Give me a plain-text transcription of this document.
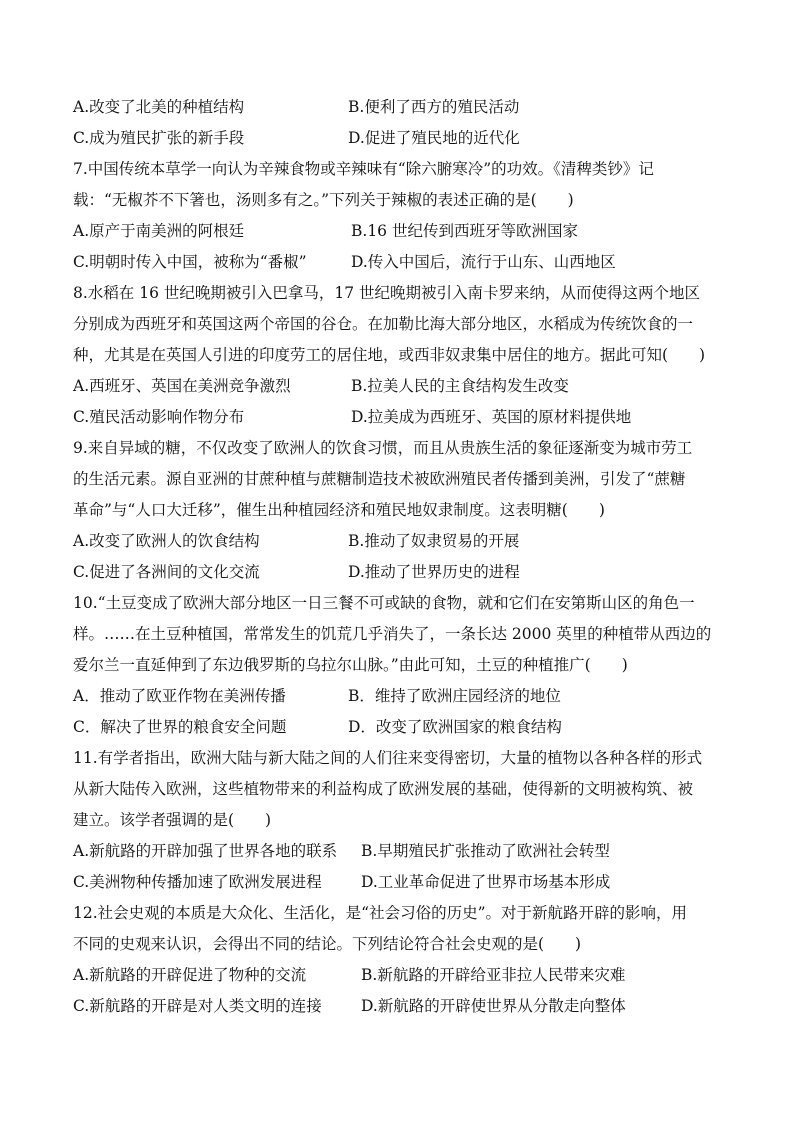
A.改变了北美的种植结构	B.便利了西方的殖民活动
C.成为殖民扩张的新手段	D.促进了殖民地的近代化
7.中国传统本草学一向认为辛辣食物或辛辣味有“除六腑寒冷”的功效。《清稗类钞》记
载：“无椒芥不下箸也，汤则多有之。”下列关于辣椒的表述正确的是(　　)
A.原产于南美洲的阿根廷	B.16 世纪传到西班牙等欧洲国家
C.明朝时传入中国，被称为“番椒”	D.传入中国后，流行于山东、山西地区
8.水稻在 16 世纪晚期被引入巴拿马，17 世纪晚期被引入南卡罗来纳，从而使得这两个地区
分别成为西班牙和英国这两个帝国的谷仓。在加勒比海大部分地区，水稻成为传统饮食的一
种，尤其是在英国人引进的印度劳工的居住地，或西非奴隶集中居住的地方。据此可知(　　)
A.西班牙、英国在美洲竞争激烈	B.拉美人民的主食结构发生改变
C.殖民活动影响作物分布	D.拉美成为西班牙、英国的原材料提供地
9.来自异域的糖，不仅改变了欧洲人的饮食习惯，而且从贵族生活的象征逐渐变为城市劳工
的生活元素。源自亚洲的甘蔗种植与蔗糖制造技术被欧洲殖民者传播到美洲，引发了“蔗糖
革命”与“人口大迁移”，催生出种植园经济和殖民地奴隶制度。这表明糖(　　)
A.改变了欧洲人的饮食结构	B.推动了奴隶贸易的开展
C.促进了各洲间的文化交流	D.推动了世界历史的进程
10.“土豆变成了欧洲大部分地区一日三餐不可或缺的食物，就和它们在安第斯山区的角色一
样。……在土豆种植国，常常发生的饥荒几乎消失了，一条长达 2000 英里的种植带从西边的
爱尔兰一直延伸到了东边俄罗斯的乌拉尔山脉。”由此可知，土豆的种植推广(　　)
A．推动了欧亚作物在美洲传播	B．维持了欧洲庄园经济的地位
C．解决了世界的粮食安全问题	D．改变了欧洲国家的粮食结构
11.有学者指出，欧洲大陆与新大陆之间的人们往来变得密切，大量的植物以各种各样的形式
从新大陆传入欧洲，这些植物带来的利益构成了欧洲发展的基础，使得新的文明被构筑、被
建立。该学者强调的是(　　)
A.新航路的开辟加强了世界各地的联系	B.早期殖民扩张推动了欧洲社会转型
C.美洲物种传播加速了欧洲发展进程	D.工业革命促进了世界市场基本形成
12.社会史观的本质是大众化、生活化，是“社会习俗的历史”。对于新航路开辟的影响，用
不同的史观来认识，会得出不同的结论。下列结论符合社会史观的是(　　)
A.新航路的开辟促进了物种的交流	B.新航路的开辟给亚非拉人民带来灾难
C.新航路的开辟是对人类文明的连接	D.新航路的开辟使世界从分散走向整体
